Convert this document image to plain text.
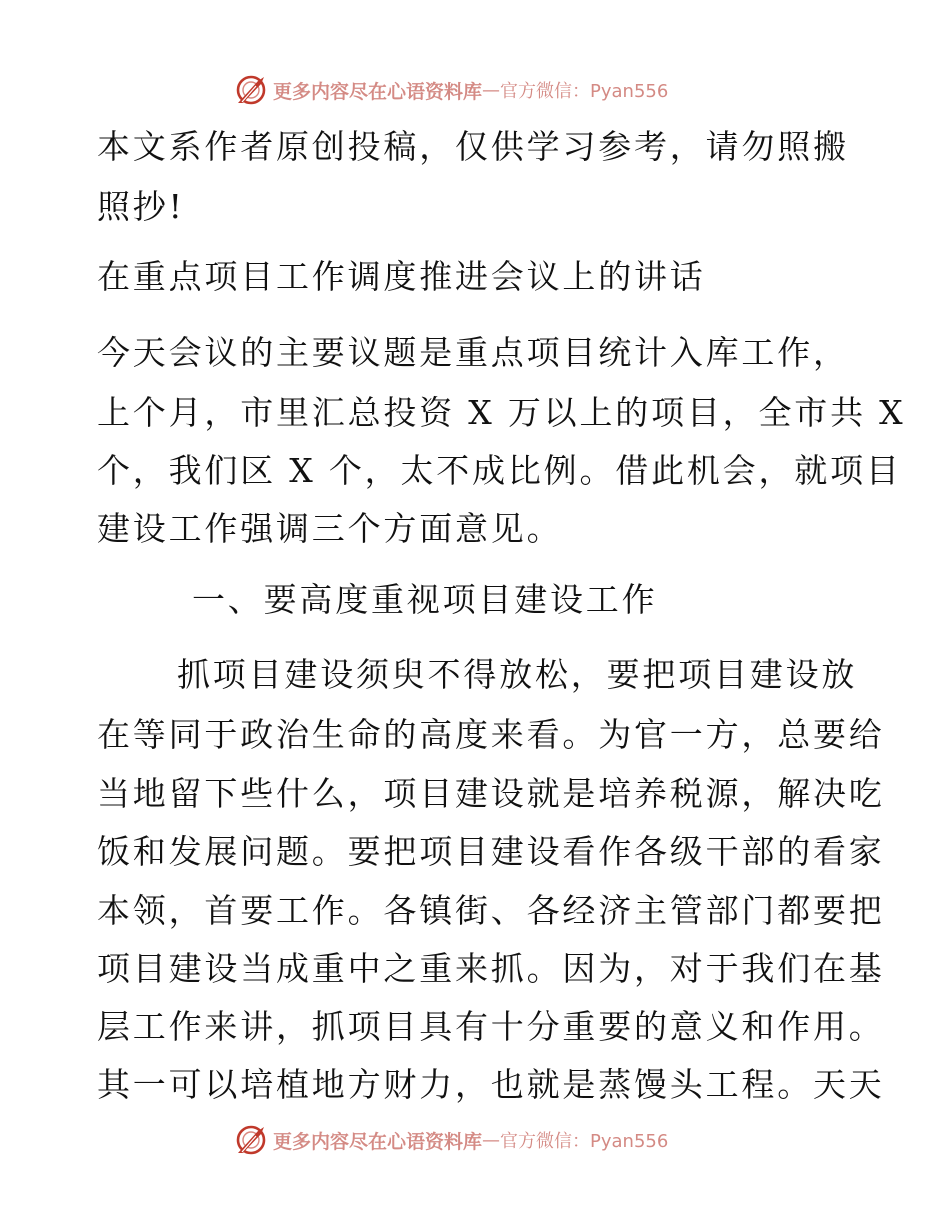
更多内容尽在心语资料库 — 官方微信：Pyan556

本文系作者原创投稿，仅供学习参考，请勿照搬

照抄!

在重点项目工作调度推进会议上的讲话

今天会议的主要议题是重点项目统计入库工作，

上个月，市里汇总投资 X 万以上的项目，全市共 X

个，我们区 X 个，太不成比例。借此机会，就项目

建设工作强调三个方面意见。

一、要高度重视项目建设工作

抓项目建设须臾不得放松，要把项目建设放

在等同于政治生命的高度来看。为官一方，总要给

当地留下些什么，项目建设就是培养税源，解决吃

饭和发展问题。要把项目建设看作各级干部的看家

本领，首要工作。各镇街、各经济主管部门都要把

项目建设当成重中之重来抓。因为，对于我们在基

层工作来讲，抓项目具有十分重要的意义和作用。

其一可以培植地方财力，也就是蒸馒头工程。天天

更多内容尽在心语资料库 — 官方微信：Pyan556
